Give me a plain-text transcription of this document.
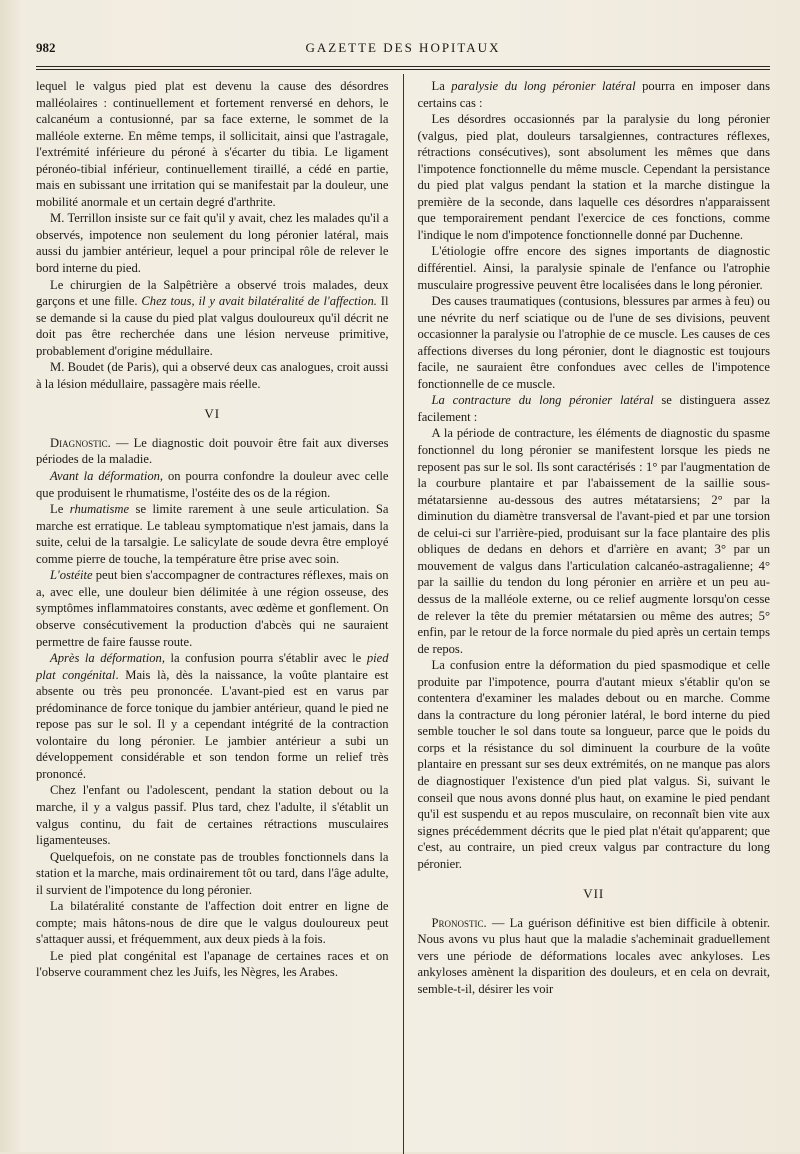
982	GAZETTE DES HOPITAUX

lequel le valgus pied plat est devenu la cause des désordres malléolaires : continuellement et fortement renversé en dehors, le calcanéum a contusionné, par sa face externe, le sommet de la malléole externe. En même temps, il sollicitait, ainsi que l'astragale, l'extrémité inférieure du péroné à s'écarter du tibia. Le ligament péronéo-tibial inférieur, continuellement tiraillé, a cédé en partie, mais en subissant une irritation qui se manifestait par la douleur, une mobilité anormale et un certain degré d'arthrite.

M. Terrillon insiste sur ce fait qu'il y avait, chez les malades qu'il a observés, impotence non seulement du long péronier latéral, mais aussi du jambier antérieur, lequel a pour principal rôle de relever le bord interne du pied.

Le chirurgien de la Salpêtrière a observé trois malades, deux garçons et une fille. Chez tous, il y avait bilatéralité de l'affection. Il se demande si la cause du pied plat valgus douloureux qu'il décrit ne doit pas être recherchée dans une lésion nerveuse primitive, probablement d'origine médullaire.

M. Boudet (de Paris), qui a observé deux cas analogues, croit aussi à la lésion médullaire, passagère mais réelle.

VI

Diagnostic. — Le diagnostic doit pouvoir être fait aux diverses périodes de la maladie.

Avant la déformation, on pourra confondre la douleur avec celle que produisent le rhumatisme, l'ostéite des os de la région.

Le rhumatisme se limite rarement à une seule articulation. Sa marche est erratique. Le tableau symptomatique n'est jamais, dans la suite, celui de la tarsalgie. Le salicylate de soude devra être employé comme pierre de touche, la température être prise avec soin.

L'ostéite peut bien s'accompagner de contractures réflexes, mais on a, avec elle, une douleur bien délimitée à une région osseuse, des symptômes inflammatoires constants, avec œdème et gonflement. On observe consécutivement la production d'abcès qui ne sauraient permettre de faire fausse route.

Après la déformation, la confusion pourra s'établir avec le pied plat congénital. Mais là, dès la naissance, la voûte plantaire est absente ou très peu prononcée. L'avant-pied est en varus par prédominance de force tonique du jambier antérieur, quand le pied ne repose pas sur le sol. Il y a cependant intégrité de la contraction volontaire du long péronier. Le jambier antérieur a subi un développement considérable et son tendon forme un relief très prononcé.

Chez l'enfant ou l'adolescent, pendant la station debout ou la marche, il y a valgus passif. Plus tard, chez l'adulte, il s'établit un valgus continu, du fait de certaines rétractions musculaires ligamenteuses.

Quelquefois, on ne constate pas de troubles fonctionnels dans la station et la marche, mais ordinairement tôt ou tard, dans l'âge adulte, il survient de l'impotence du long péronier.

La bilatéralité constante de l'affection doit entrer en ligne de compte; mais hâtons-nous de dire que le valgus douloureux peut s'attaquer aussi, et fréquemment, aux deux pieds à la fois.

Le pied plat congénital est l'apanage de certaines races et on l'observe couramment chez les Juifs, les Nègres, les Arabes.

La paralysie du long péronier latéral pourra en imposer dans certains cas :

Les désordres occasionnés par la paralysie du long péronier (valgus, pied plat, douleurs tarsalgiennes, contractures réflexes, rétractions consécutives), sont absolument les mêmes que dans l'impotence fonctionnelle du même muscle. Cependant la persistance du pied plat valgus pendant la station et la marche distingue la première de la seconde, dans laquelle ces désordres n'apparaissent que temporairement pendant l'exercice de ces fonctions, comme l'indique le nom d'impotence fonctionnelle donné par Duchenne.

L'étiologie offre encore des signes importants de diagnostic différentiel. Ainsi, la paralysie spinale de l'enfance ou l'atrophie musculaire progressive peuvent être localisées dans le long péronier.

Des causes traumatiques (contusions, blessures par armes à feu) ou une névrite du nerf sciatique ou de l'une de ses divisions, peuvent occasionner la paralysie ou l'atrophie de ce muscle. Les causes de ces affections diverses du long péronier, dont le diagnostic est toujours facile, ne sauraient être confondues avec celles de l'impotence fonctionnelle de ce muscle.

La contracture du long péronier latéral se distinguera assez facilement :

A la période de contracture, les éléments de diagnostic du spasme fonctionnel du long péronier se manifestent lorsque les pieds ne reposent pas sur le sol. Ils sont caractérisés : 1° par l'augmentation de la courbure plantaire et par l'abaissement de la saillie sous-métatarsienne au-dessous des autres métatarsiens; 2° par la diminution du diamètre transversal de l'avant-pied et par une torsion de celui-ci sur l'arrière-pied, produisant sur la face plantaire des plis obliques de dedans en dehors et d'arrière en avant; 3° par un mouvement de valgus dans l'articulation calcanéo-astragalienne; 4° par la saillie du tendon du long péronier en arrière et un peu au-dessus de la malléole externe, ou ce relief augmente lorsqu'on cesse de relever la tête du premier métatarsien ou même des autres; 5° enfin, par le retour de la force normale du pied après un certain temps de repos.

La confusion entre la déformation du pied spasmodique et celle produite par l'impotence, pourra d'autant mieux s'établir qu'on se contentera d'examiner les malades debout ou en marche. Comme dans la contracture du long péronier latéral, le bord interne du pied semble toucher le sol dans toute sa longueur, parce que le poids du corps et la résistance du sol diminuent la courbure de la voûte plantaire en pressant sur ses deux extrémités, on ne manque pas alors de diagnostiquer l'existence d'un pied plat valgus. Si, suivant le conseil que nous avons donné plus haut, on examine le pied pendant qu'il est suspendu et au repos musculaire, on reconnaît bien vite aux signes précédemment décrits que le pied plat n'était qu'apparent; que c'est, au contraire, un pied creux valgus par contracture du long péronier.

VII

Pronostic. — La guérison définitive est bien difficile à obtenir. Nous avons vu plus haut que la maladie s'acheminait graduellement vers une période de déformations locales avec ankyloses. Les ankyloses amènent la disparition des douleurs, et en cela on devrait, semble-t-il, désirer les voir
